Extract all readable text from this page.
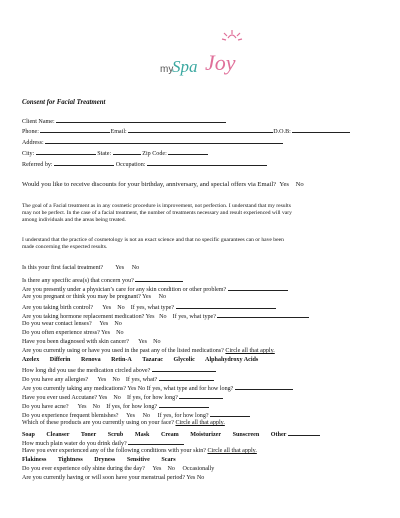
my
Spa Joy
Consent for Facial Treatment
Client Name:
Phone:	Email:	D.O.B:
Address:
City:	State:	Zip Code:
Referred by:	Occupation:
Would you like to receive discounts for your birthday, anniversary, and special offers via Email? Yes No
The goal of a Facial treatment as in any cosmetic procedure is improvement, not perfection. I understand that my results
may not be perfect. In the case of a facial treatment, the number of treatments necessary and result experienced will vary
among individuals and the areas being treated.
I understand that the practice of cosmetology is not an exact science and that no specific guarantees can or have been
made concerning the expected results.
Is this your first facial treatment? Yes No
Is there any specific area(s) that concern you?
Are you presently under a physician’s care for any skin condition or other problem?
Are you pregnant or think you may be pregnant? Yes No
Are you taking birth control? Yes No If yes, what type?
Are you taking hormone replacement medication? Yes No If yes, what type?
Do you wear contact lenses? Yes No
Do you often experience stress? Yes No
Have you been diagnosed with skin cancer? Yes No
Are you currently using or have you used in the past any of the listed medications? Circle all that apply.
Azelex Differin Renova Retin-A Tazarac Glycolic Alphahydroxy Acids
How long did you use the medication circled above?
Do you have any allergies? Yes No If yes, what?
Are you currently taking any medications? Yes No If yes, what type and for how long?
Have you ever used Accutane? Yes No If yes, for how long?
Do you have acne? Yes No If yes, for how long?
Do you experience frequent blemishes? Yes No If yes, for how long?
Which of these products are you currently using on your face? Circle all that apply.
Soap Cleanser Toner Scrub Mask Cream Moisturizer Sunscreen Other
How much plain water do you drink daily?
Have you ever experienced any of the following conditions with your skin? Circle all that apply.
Flakiness Tightness Dryness Sensitive Scars
Do you ever experience oily shine during the day? Yes No Occasionally
Are you currently having or will soon have your menstrual period? Yes No
